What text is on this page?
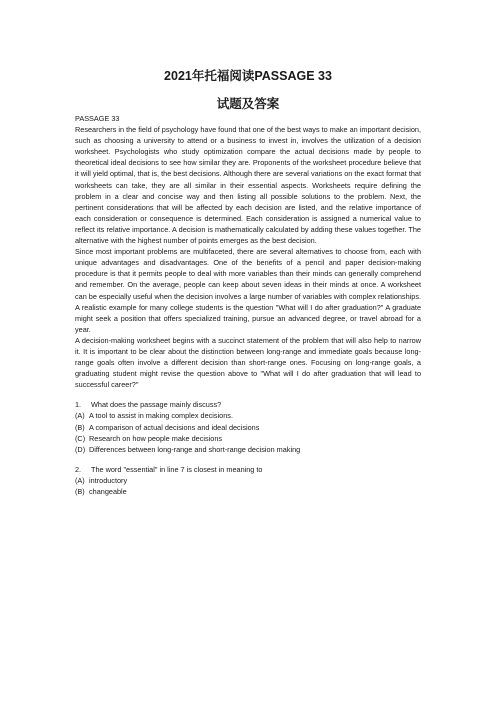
2021年托福阅读PASSAGE 33
试题及答案
PASSAGE 33

Researchers in the field of psychology have found that one of the best ways to make an important decision, such as choosing a university to attend or a business to invest in, involves the utilization of a decision worksheet. Psychologists who study optimization compare the actual decisions made by people to theoretical ideal decisions to see how similar they are. Proponents of the worksheet procedure believe that it will yield optimal, that is, the best decisions. Although there are several variations on the exact format that worksheets can take, they are all similar in their essential aspects. Worksheets require defining the problem in a clear and concise way and then listing all possible solutions to the problem. Next, the pertinent considerations that will be affected by each decision are listed, and the relative importance of each consideration or consequence is determined. Each consideration is assigned a numerical value to reflect its relative importance. A decision is mathematically calculated by adding these values together. The alternative with the highest number of points emerges as the best decision.

Since most important problems are multifaceted, there are several alternatives to choose from, each with unique advantages and disadvantages. One of the benefits of a pencil and paper decision-making procedure is that it permits people to deal with more variables than their minds can generally comprehend and remember. On the average, people can keep about seven ideas in their minds at once. A worksheet can be especially useful when the decision involves a large number of variables with complex relationships. A realistic example for many college students is the question "What will I do after graduation?" A graduate might seek a position that offers specialized training, pursue an advanced degree, or travel abroad for a year.

A decision-making worksheet begins with a succinct statement of the problem that will also help to narrow it. It is important to be clear about the distinction between long-range and immediate goals because long-range goals often involve a different decision than short-range ones. Focusing on long-range goals, a graduating student might revise the question above to "What will I do after graduation that will lead to successful career?"

1. What does the passage mainly discuss?

(A) A tool to assist in making complex decisions.

(B) A comparison of actual decisions and ideal decisions

(C) Research on how people make decisions

(D) Differences between long-range and short-range decision making

2. The word "essential" in line 7 is closest in meaning to

(A) introductory

(B) changeable
